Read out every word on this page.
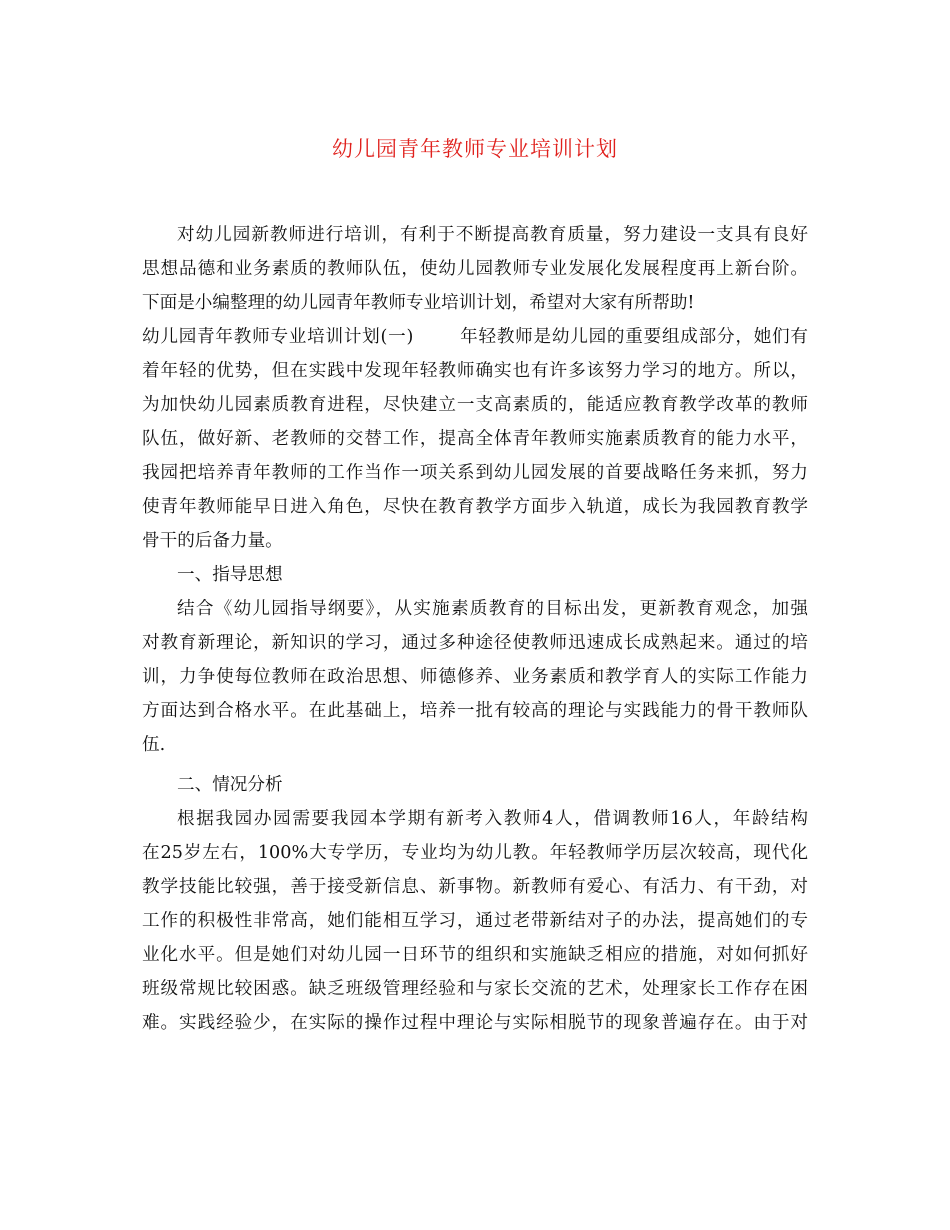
幼儿园青年教师专业培训计划
对幼儿园新教师进行培训，有利于不断提高教育质量，努力建设一支具有良好
思想品德和业务素质的教师队伍，使幼儿园教师专业发展化发展程度再上新台阶。
下面是小编整理的幼儿园青年教师专业培训计划，希望对大家有所帮助!
幼儿园青年教师专业培训计划(一)	年轻教师是幼儿园的重要组成部分，她们有
着年轻的优势，但在实践中发现年轻教师确实也有许多该努力学习的地方。所以，
为加快幼儿园素质教育进程，尽快建立一支高素质的，能适应教育教学改革的教师
队伍，做好新、老教师的交替工作，提高全体青年教师实施素质教育的能力水平，
我园把培养青年教师的工作当作一项关系到幼儿园发展的首要战略任务来抓，努力
使青年教师能早日进入角色，尽快在教育教学方面步入轨道，成长为我园教育教学
骨干的后备力量。
一、指导思想
结合《幼儿园指导纲要》，从实施素质教育的目标出发，更新教育观念，加强
对教育新理论，新知识的学习，通过多种途径使教师迅速成长成熟起来。通过的培
训，力争使每位教师在政治思想、师德修养、业务素质和教学育人的实际工作能力
方面达到合格水平。在此基础上，培养一批有较高的理论与实践能力的骨干教师队
伍.
二、情况分析
根据我园办园需要我园本学期有新考入教师4人，借调教师16人，年龄结构
在25岁左右，100%大专学历，专业均为幼儿教。年轻教师学历层次较高，现代化
教学技能比较强，善于接受新信息、新事物。新教师有爱心、有活力、有干劲，对
工作的积极性非常高，她们能相互学习，通过老带新结对子的办法，提高她们的专
业化水平。但是她们对幼儿园一日环节的组织和实施缺乏相应的措施，对如何抓好
班级常规比较困惑。缺乏班级管理经验和与家长交流的艺术，处理家长工作存在困
难。实践经验少，在实际的操作过程中理论与实际相脱节的现象普遍存在。由于对
